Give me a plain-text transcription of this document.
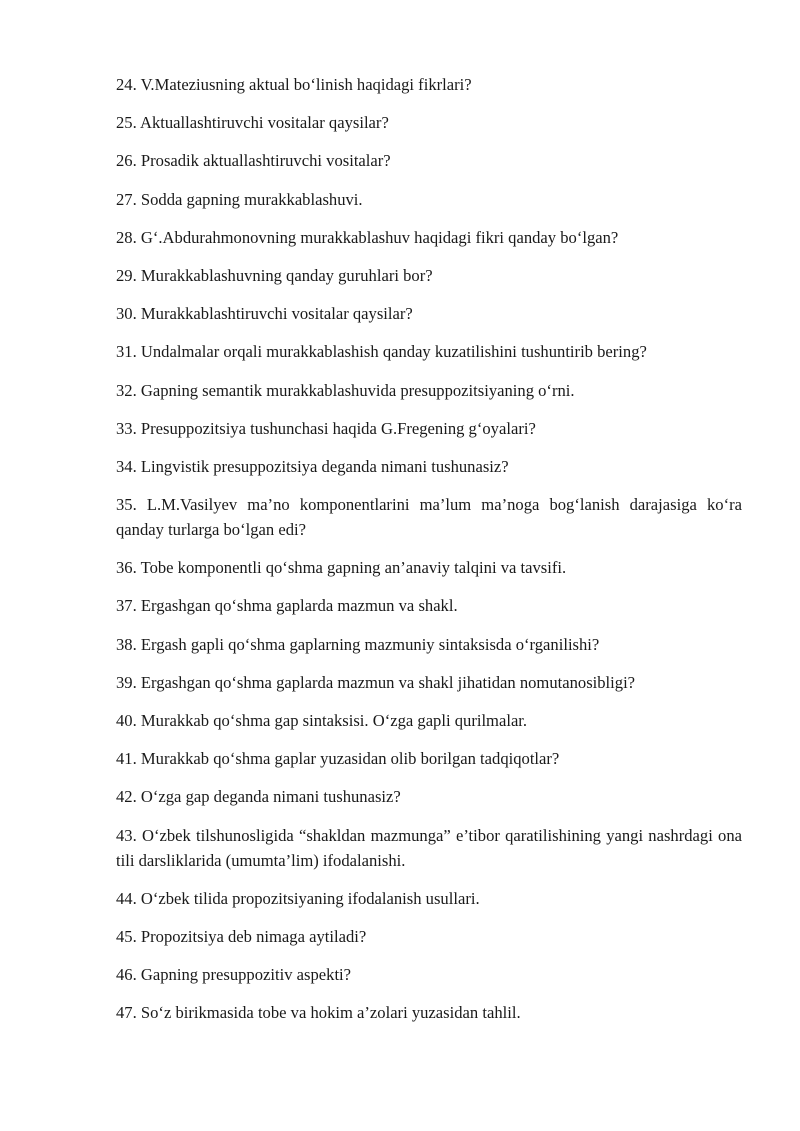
24. V.Mateziusning aktual bo‘linish haqidagi fikrlari?

25. Aktuallashtiruvchi vositalar qaysilar?

26. Prosadik aktuallashtiruvchi vositalar?

27. Sodda gapning murakkablashuvi.

28. G‘.Abdurahmonovning murakkablashuv haqidagi fikri qanday bo‘lgan?

29. Murakkablashuvning qanday guruhlari bor?

30. Murakkablashtiruvchi vositalar qaysilar?

31. Undalmalar orqali murakkablashish qanday kuzatilishini tushuntirib bering?

32. Gapning semantik murakkablashuvida presuppozitsiyaning o‘rni.

33. Presuppozitsiya tushunchasi haqida G.Fregening g‘oyalari?

34. Lingvistik presuppozitsiya deganda nimani tushunasiz?

35. L.M.Vasilyev ma’no komponentlarini ma’lum ma’noga bog‘lanish darajasiga ko‘ra qanday turlarga bo‘lgan edi?

36. Tobe komponentli qo‘shma gapning an’anaviy talqini va tavsifi.

37. Ergashgan qo‘shma gaplarda mazmun va shakl.

38. Ergash gapli qo‘shma gaplarning mazmuniy sintaksisda o‘rganilishi?

39. Ergashgan qo‘shma gaplarda mazmun va shakl jihatidan nomutanosibligi?

40. Murakkab qo‘shma gap sintaksisi. O‘zga gapli qurilmalar.

41. Murakkab qo‘shma gaplar yuzasidan olib borilgan tadqiqotlar?

42. O‘zga gap deganda nimani tushunasiz?

43. O‘zbek tilshunosligida “shakldan mazmunga” e’tibor qaratilishining yangi nashrdagi ona tili darsliklarida (umumta’lim) ifodalanishi.

44. O‘zbek tilida propozitsiyaning ifodalanish usullari.

45. Propozitsiya deb nimaga aytiladi?

46. Gapning presuppozitiv aspekti?

47. So‘z birikmasida tobe va hokim a’zolari yuzasidan tahlil.
